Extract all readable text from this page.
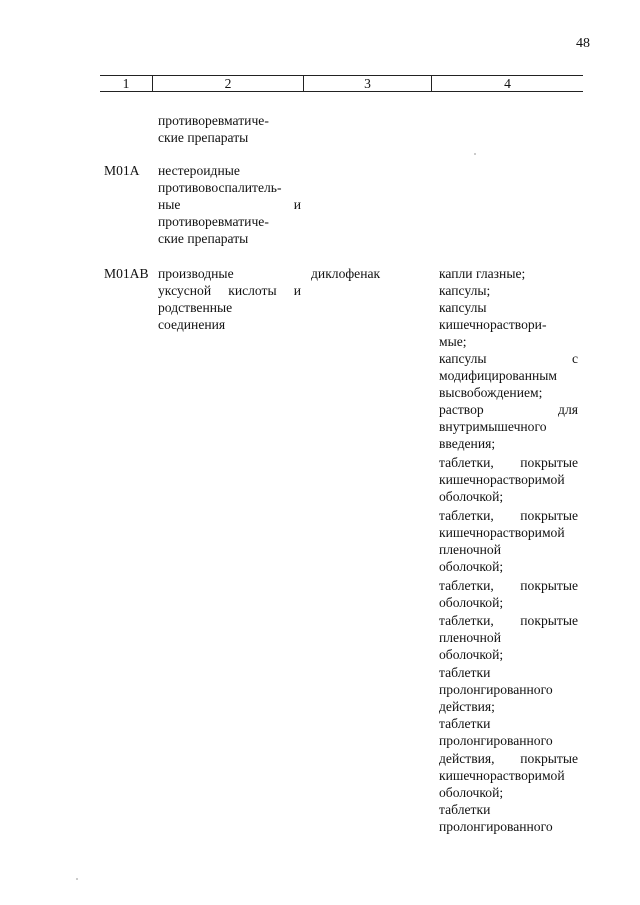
48
1	2	3	4
противоревматиче-
ские препараты
M01A нестероидные
противовоспалитель-
ные и
противоревматиче-
ские препараты
M01AB производные
уксусной кислоты и
родственные
соединения
диклофенак	капли глазные;
капсулы;
капсулы
кишечнораствори-
мые;
капсулы с
модифицированным
высвобождением;
раствор для
внутримышечного
введения;
таблетки, покрытые
кишечнорастворимой
оболочкой;
таблетки, покрытые
кишечнорастворимой
пленочной
оболочкой;
таблетки, покрытые
оболочкой;
таблетки, покрытые
пленочной
оболочкой;
таблетки
пролонгированного
действия;
таблетки
пролонгированного
действия, покрытые
кишечнорастворимой
оболочкой;
таблетки
пролонгированного
